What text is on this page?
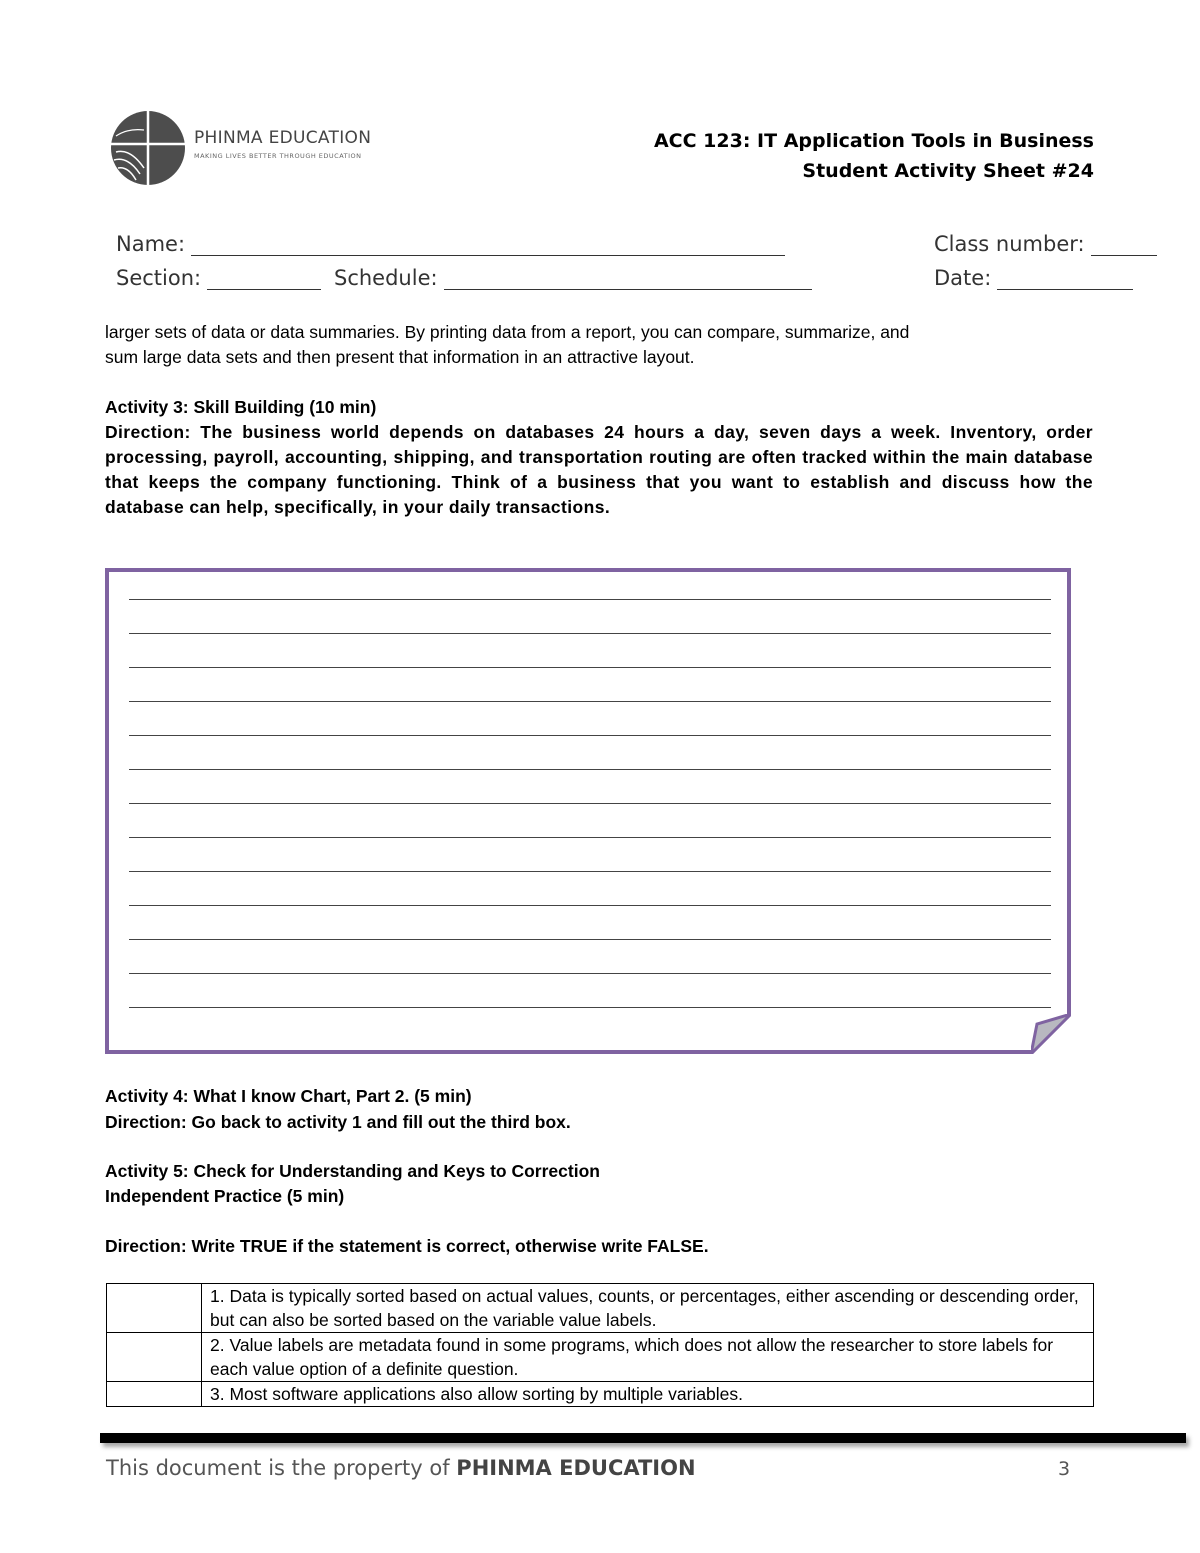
PHINMA EDUCATION
MAKING LIVES BETTER THROUGH EDUCATION
ACC 123: IT Application Tools in Business
Student Activity Sheet #24
Name:	Class number:
Section:	Schedule:	Date:
larger sets of data or data summaries. By printing data from a report, you can compare, summarize, and
sum large data sets and then present that information in an attractive layout.
Activity 3: Skill Building (10 min)
Direction: The business world depends on databases 24 hours a day, seven days a week. Inventory, order processing, payroll, accounting, shipping, and transportation routing are often tracked within the main database that keeps the company functioning. Think of a business that you want to establish and discuss how the database can help, specifically, in your daily transactions.
Activity 4: What I know Chart, Part 2. (5 min)
Direction: Go back to activity 1 and fill out the third box.
Activity 5: Check for Understanding and Keys to Correction
Independent Practice (5 min)
Direction: Write TRUE if the statement is correct, otherwise write FALSE.
	1. Data is typically sorted based on actual values, counts, or percentages, either ascending or descending order, but can also be sorted based on the variable value labels.
	2. Value labels are metadata found in some programs, which does not allow the researcher to store labels for each value option of a definite question.
	3. Most software applications also allow sorting by multiple variables.
This document is the property of PHINMA EDUCATION	3
